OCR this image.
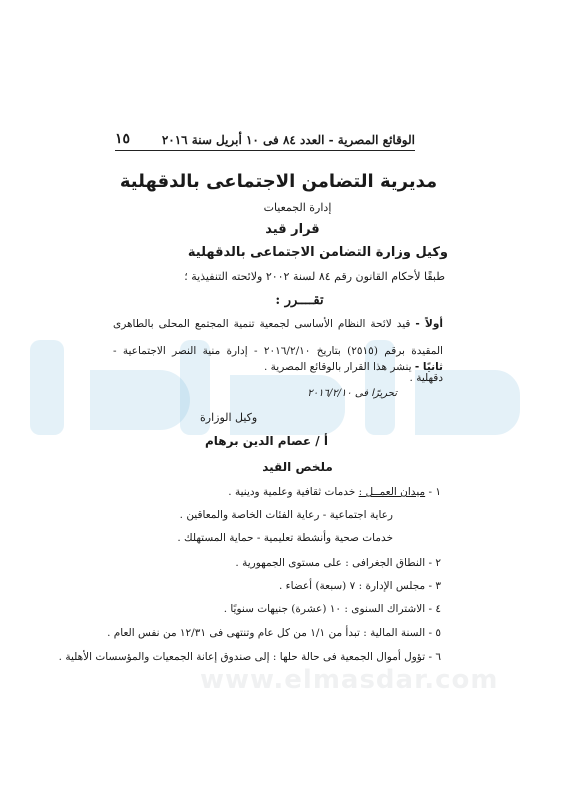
www.elmasdar.com
الوقائع المصرية - العدد ٨٤ فى ١٠ أبريل سنة ٢٠١٦
١٥
مديرية التضامن الاجتماعى بالدقهلية
إدارة الجمعيات
قرار قيد
وكيل وزارة التضامن الاجتماعى بالدقهلية
طبقًا لأحكام القانون رقم ٨٤ لسنة ٢٠٠٢ ولائحته التنفيذية ؛
تقــــرر :
أولاً - قيد لائحة النظام الأساسى لجمعية تنمية المجتمع المحلى بالطاهرى المقيدة برقم (٢٥١٥) بتاريخ ٢٠١٦/٢/١٠ - إدارة منية النصر الاجتماعية - دقهلية .
ثانيًا - ينشر هذا القرار بالوقائع المصرية .
تحريرًا فى ٢٠١٦/٢/١٠
وكيل الوزارة
أ / عصام الدين برهام
ملخص القيد
١ - ميدان العمــل : خدمات ثقافية وعلمية ودينية .
رعاية اجتماعية - رعاية الفئات الخاصة والمعاقين .
خدمات صحية وأنشطة تعليمية - حماية المستهلك .
٢ - النطاق الجغرافى : على مستوى الجمهورية .
٣ - مجلس الإدارة : ٧ (سبعة) أعضاء .
٤ - الاشتراك السنوى : ١٠ (عشرة) جنيهات سنويًا .
٥ - السنة المالية : تبدأ من ١/١ من كل عام وتنتهى فى ١٢/٣١ من نفس العام .
٦ - تؤول أموال الجمعية فى حالة حلها : إلى صندوق إعانة الجمعيات والمؤسسات الأهلية .
